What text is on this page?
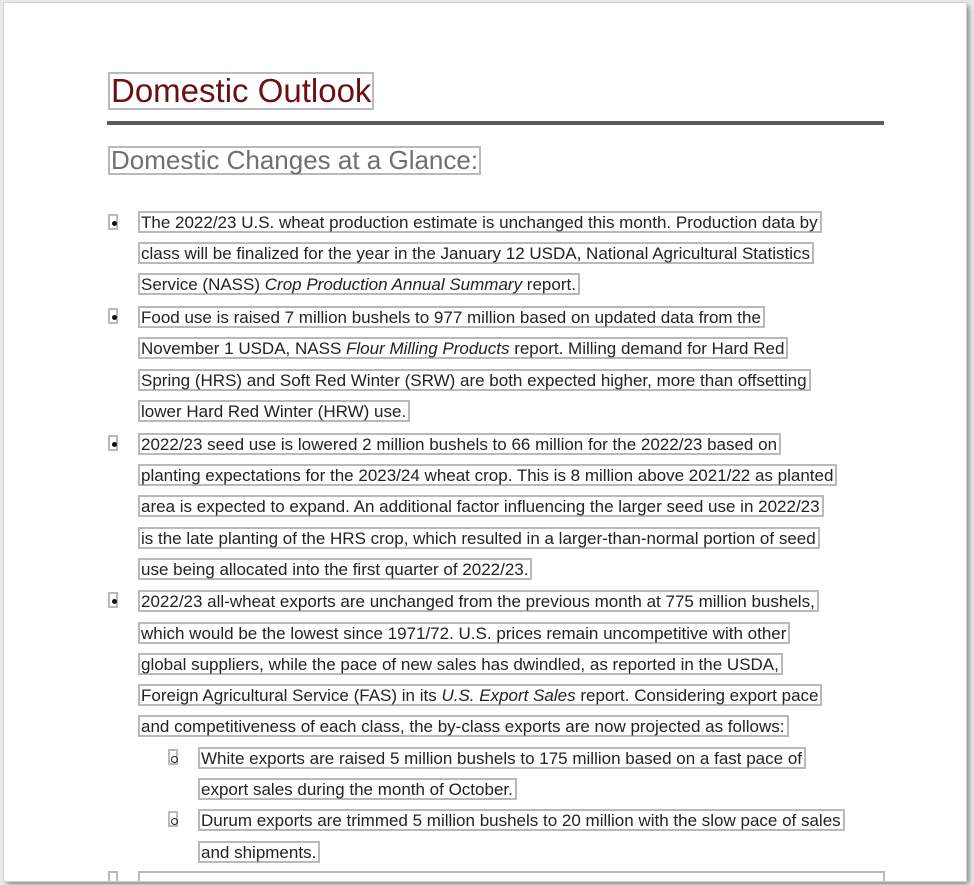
Domestic Outlook
Domestic Changes at a Glance:
The 2022/23 U.S. wheat production estimate is unchanged this month. Production data by
class will be finalized for the year in the January 12 USDA, National Agricultural Statistics
Service (NASS) Crop Production Annual Summary report.
Food use is raised 7 million bushels to 977 million based on updated data from the
November 1 USDA, NASS Flour Milling Products report. Milling demand for Hard Red
Spring (HRS) and Soft Red Winter (SRW) are both expected higher, more than offsetting
lower Hard Red Winter (HRW) use.
2022/23 seed use is lowered 2 million bushels to 66 million for the 2022/23 based on
planting expectations for the 2023/24 wheat crop. This is 8 million above 2021/22 as planted
area is expected to expand. An additional factor influencing the larger seed use in 2022/23
is the late planting of the HRS crop, which resulted in a larger-than-normal portion of seed
use being allocated into the first quarter of 2022/23.
2022/23 all-wheat exports are unchanged from the previous month at 775 million bushels,
which would be the lowest since 1971/72. U.S. prices remain uncompetitive with other
global suppliers, while the pace of new sales has dwindled, as reported in the USDA,
Foreign Agricultural Service (FAS) in its U.S. Export Sales report. Considering export pace
and competitiveness of each class, the by-class exports are now projected as follows:
White exports are raised 5 million bushels to 175 million based on a fast pace of
export sales during the month of October.
Durum exports are trimmed 5 million bushels to 20 million with the slow pace of sales
and shipments.
